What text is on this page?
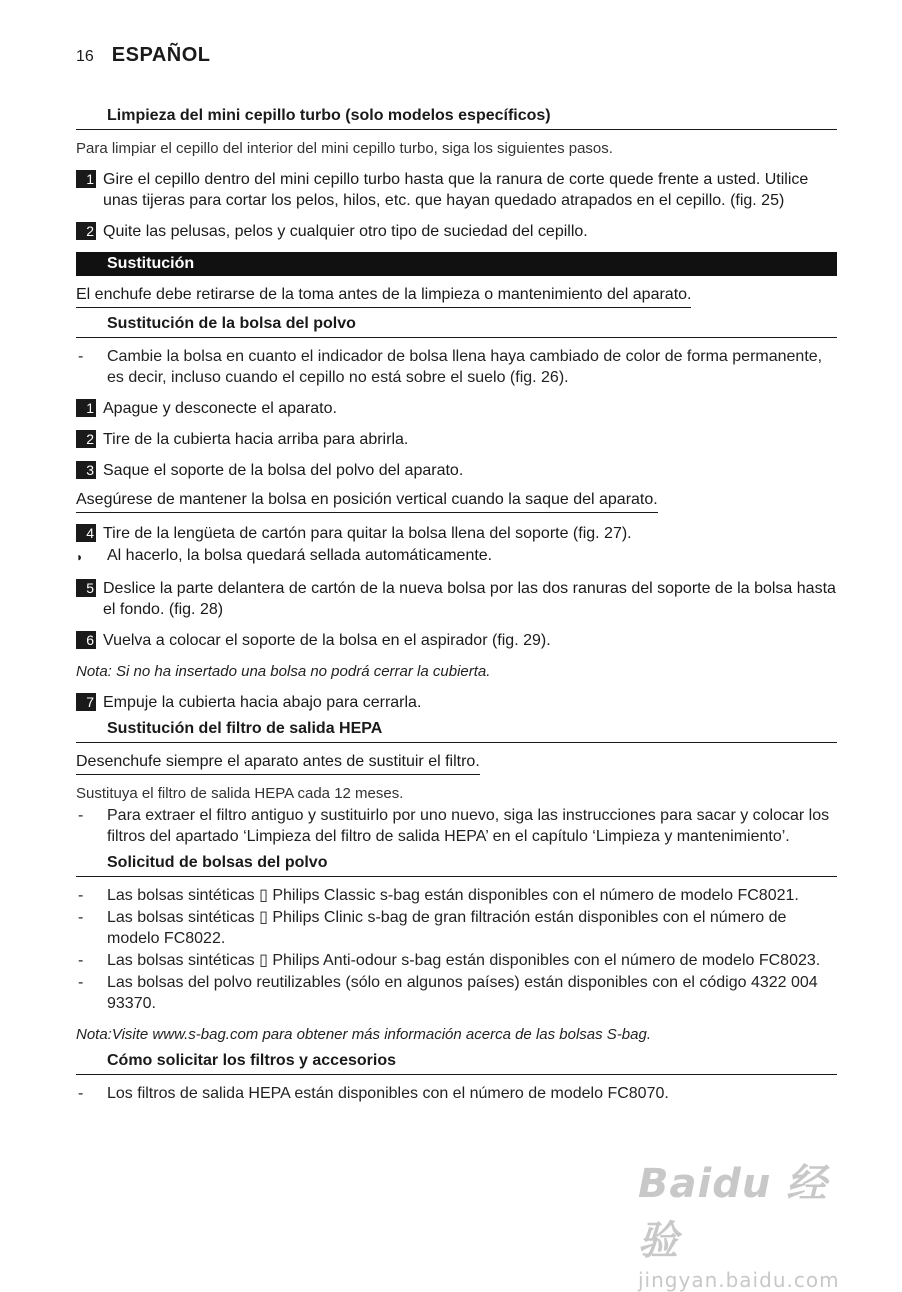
16 ESPAÑOL
Limpieza del mini cepillo turbo (solo modelos específicos)
Para limpiar el cepillo del interior del mini cepillo turbo, siga los siguientes pasos.
1 Gire el cepillo dentro del mini cepillo turbo hasta que la ranura de corte quede frente a usted. Utilice unas tijeras para cortar los pelos, hilos, etc. que hayan quedado atrapados en el cepillo. (fig. 25)
2 Quite las pelusas, pelos y cualquier otro tipo de suciedad del cepillo.
Sustitución
El enchufe debe retirarse de la toma antes de la limpieza o mantenimiento del aparato.
Sustitución de la bolsa del polvo
-	Cambie la bolsa en cuanto el indicador de bolsa llena haya cambiado de color de forma permanente, es decir, incluso cuando el cepillo no está sobre el suelo (fig. 26).
1 Apague y desconecte el aparato.
2 Tire de la cubierta hacia arriba para abrirla.
3 Saque el soporte de la bolsa del polvo del aparato.
Asegúrese de mantener la bolsa en posición vertical cuando la saque del aparato.
4 Tire de la lengüeta de cartón para quitar la bolsa llena del soporte (fig. 27).
◗	Al hacerlo, la bolsa quedará sellada automáticamente.
5 Deslice la parte delantera de cartón de la nueva bolsa por las dos ranuras del soporte de la bolsa hasta el fondo. (fig. 28)
6 Vuelva a colocar el soporte de la bolsa en el aspirador (fig. 29).
Nota: Si no ha insertado una bolsa no podrá cerrar la cubierta.
7 Empuje la cubierta hacia abajo para cerrarla.
Sustitución del filtro de salida HEPA
Desenchufe siempre el aparato antes de sustituir el filtro.
Sustituya el filtro de salida HEPA cada 12 meses.
-	Para extraer el filtro antiguo y sustituirlo por uno nuevo, siga las instrucciones para sacar y colocar los filtros del apartado ‘Limpieza del filtro de salida HEPA’ en el capítulo ‘Limpieza y mantenimiento’.
Solicitud de bolsas del polvo
-	Las bolsas sintéticas ▯ Philips Classic s-bag están disponibles con el número de modelo FC8021.
-	Las bolsas sintéticas ▯ Philips Clinic s-bag de gran filtración están disponibles con el número de modelo FC8022.
-	Las bolsas sintéticas ▯ Philips Anti-odour s-bag están disponibles con el número de modelo FC8023.
-	Las bolsas del polvo reutilizables (sólo en algunos países) están disponibles con el código 4322 004 93370.
Nota:Visite www.s-bag.com para obtener más información acerca de las bolsas S-bag.
Cómo solicitar los filtros y accesorios
-	Los filtros de salida HEPA están disponibles con el número de modelo FC8070.
Baidu 经验
jingyan.baidu.com
